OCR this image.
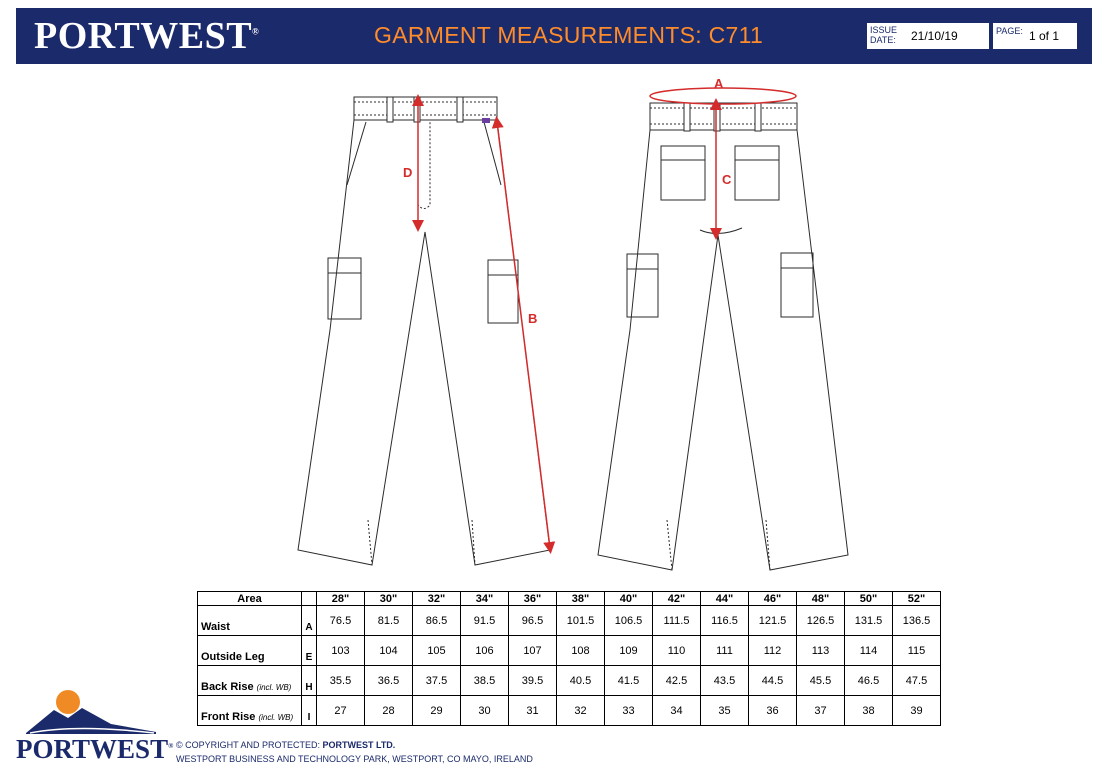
PORTWEST®	GARMENT MEASUREMENTS: C711	ISSUE DATE:	21/10/19	PAGE: 1 of 1
D
B
A
C
Area		28"	30"	32"	34"	36"	38"	40"	42"	44"	46"	48"	50"	52"
Waist	A	76.5	81.5	86.5	91.5	96.5	101.5	106.5	111.5	116.5	121.5	126.5	131.5	136.5
Outside Leg	E	103	104	105	106	107	108	109	110	111	112	113	114	115
Back Rise (incl. WB)	H	35.5	36.5	37.5	38.5	39.5	40.5	41.5	42.5	43.5	44.5	45.5	46.5	47.5
Front Rise (incl. WB)	I	27	28	29	30	31	32	33	34	35	36	37	38	39
PORTWEST® © COPYRIGHT AND PROTECTED: PORTWEST LTD.
WESTPORT BUSINESS AND TECHNOLOGY PARK, WESTPORT, CO MAYO, IRELAND
